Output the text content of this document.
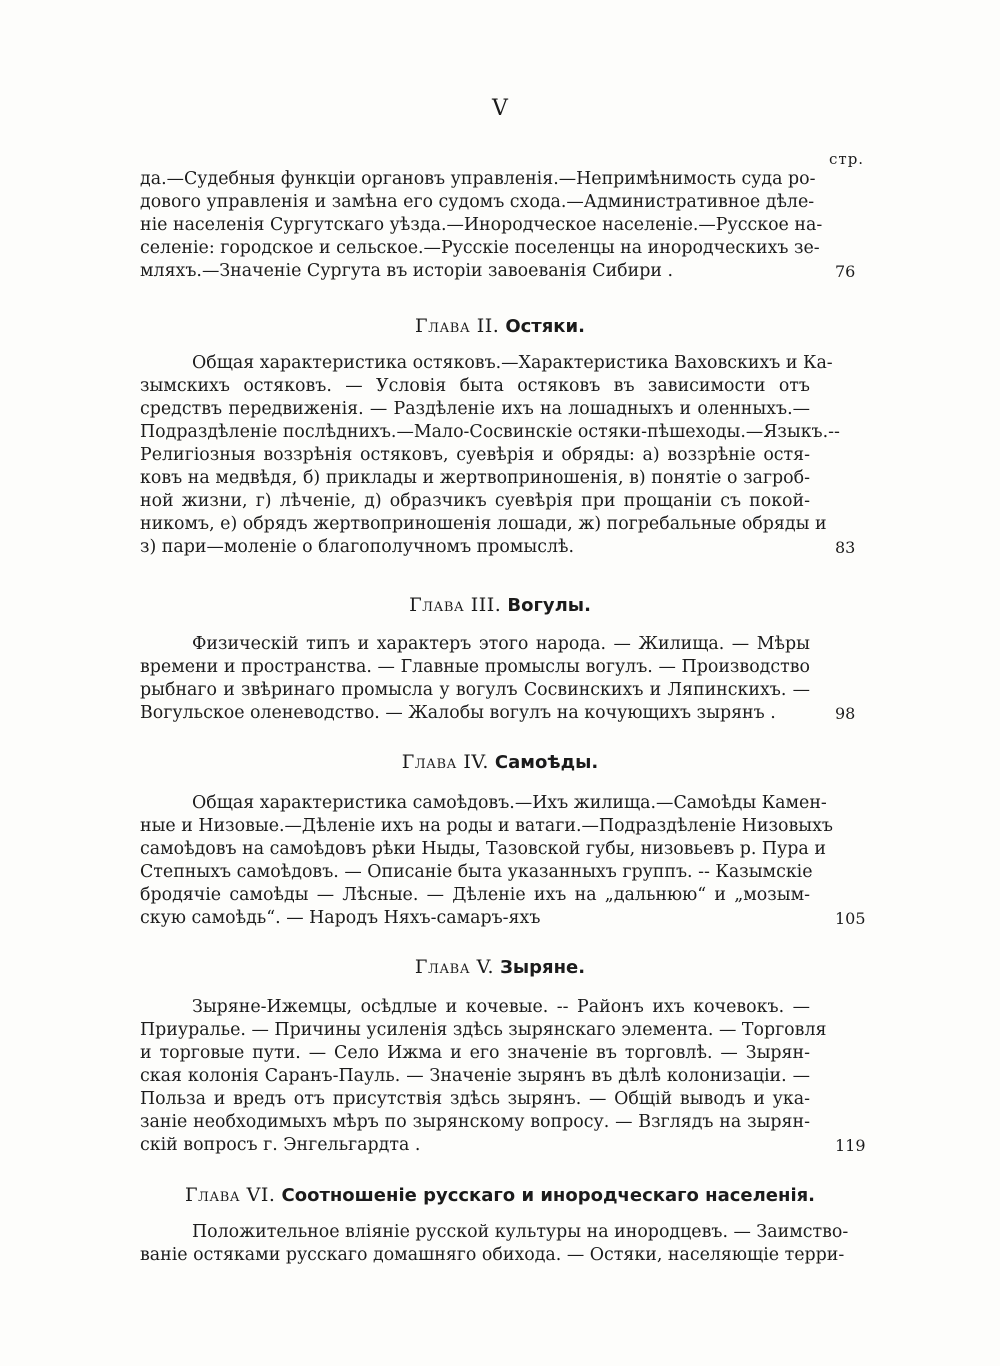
V
стр.
да.—Судебныя функціи органовъ управленія.—Непримѣнимость суда ро-
дового управленія и замѣна его судомъ схода.—Административное дѣле-
ніе населенія Сургутскаго уѣзда.—Инородческое населеніе.—Русское на-
селеніе: городское и сельское.—Русскіе поселенцы на инородческихъ зе-
мляхъ.—Значеніе Сургута въ исторіи завоеванія Сибири .	76
Глава II. Остяки.
Общая характеристика остяковъ.—Характеристика Ваховскихъ и Ка-
зымскихъ остяковъ. — Условія быта остяковъ въ зависимости отъ
средствъ передвиженія. — Раздѣленіе ихъ на лошадныхъ и оленныхъ.—
Подраздѣленіе послѣднихъ.—Мало-Сосвинскіе остяки-пѣшеходы.—Языкъ.--
Религіозныя воззрѣнія остяковъ, суевѣрія и обряды: а) воззрѣніе остя-
ковъ на медвѣдя, б) приклады и жертвоприношенія, в) понятіе о загроб-
ной жизни, г) лѣченіе, д) образчикъ суевѣрія при прощаніи съ покой-
никомъ, е) обрядъ жертвоприношенія лошади, ж) погребальные обряды и
з) пари—моленіе о благополучномъ промыслѣ.	83
Глава III. Вогулы.
Физическій типъ и характеръ этого народа. — Жилища. — Мѣры
времени и пространства. — Главные промыслы вогулъ. — Производство
рыбнаго и звѣринаго промысла у вогулъ Сосвинскихъ и Ляпинскихъ. —
Вогульское оленеводство. — Жалобы вогулъ на кочующихъ зырянъ .	98
Глава IV. Самоѣды.
Общая характеристика самоѣдовъ.—Ихъ жилища.—Самоѣды Камен-
ные и Низовые.—Дѣленіе ихъ на роды и ватаги.—Подраздѣленіе Низовыхъ
самоѣдовъ на самоѣдовъ рѣки Ныды, Тазовской губы, низовьевъ р. Пура и
Степныхъ самоѣдовъ. — Описаніе быта указанныхъ группъ. -- Казымскіе
бродячіе самоѣды — Лѣсные. — Дѣленіе ихъ на „дальнюю“ и „мозым-
скую самоѣдь“. — Народъ Няхъ-самаръ-яхъ	105
Глава V. Зыряне.
Зыряне-Ижемцы, осѣдлые и кочевые. -- Районъ ихъ кочевокъ. —
Приуралье. — Причины усиленія здѣсь зырянскаго элемента. — Торговля
и торговые пути. — Село Ижма и его значеніе въ торговлѣ. — Зырян-
ская колонія Саранъ-Пауль. — Значеніе зырянъ въ дѣлѣ колонизаціи. —
Польза и вредъ отъ присутствія здѣсь зырянъ. — Общій выводъ и ука-
заніе необходимыхъ мѣръ по зырянскому вопросу. — Взглядъ на зырян-
скій вопросъ г. Энгельгардта .	119
Глава VI. Соотношеніе русскаго и инородческаго населенія.
Положительное вліяніе русской культуры на инородцевъ. — Заимство-
ваніе остяками русскаго домашняго обихода. — Остяки, населяющіе терри-
